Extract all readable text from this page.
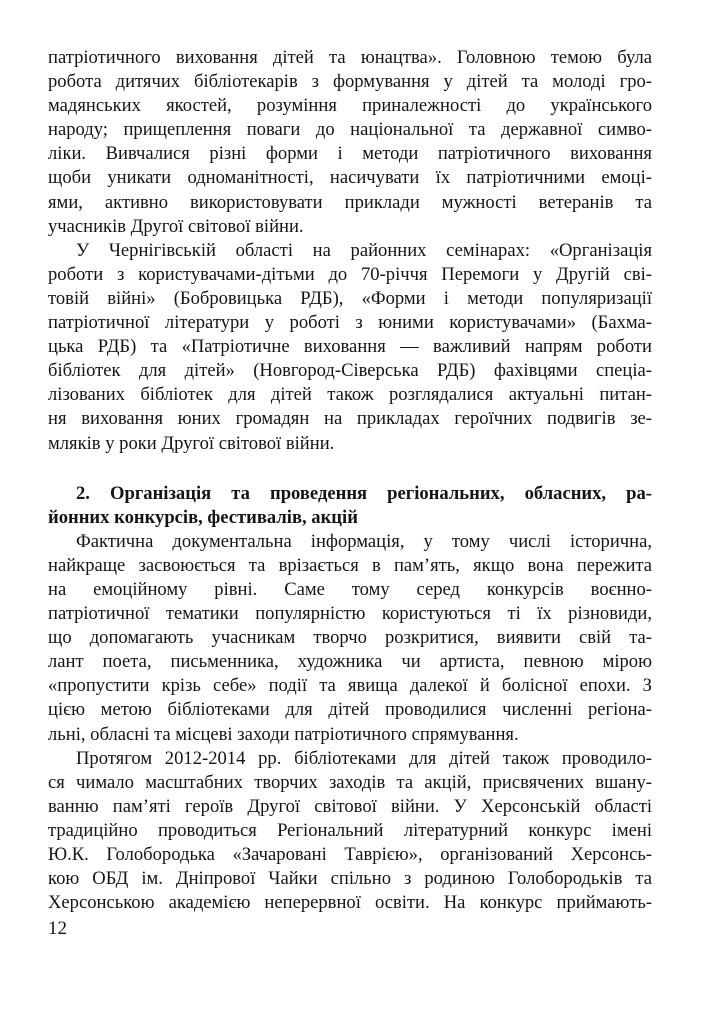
патріотичного виховання дітей та юнацтва». Головною темою була
робота дитячих бібліотекарів з формування у дітей та молоді гро-
мадянських якостей, розуміння приналежності до українського
народу; прищеплення поваги до національної та державної симво-
ліки. Вивчалися різні форми і методи патріотичного виховання
щоби уникати одноманітності, насичувати їх патріотичними емоці-
ями, активно використовувати приклади мужності ветеранів та
учасників Другої світової війни.
У Чернігівській області на районних семінарах: «Організація
роботи з користувачами-дітьми до 70-річчя Перемоги у Другій сві-
товій війні» (Бобровицька РДБ), «Форми і методи популяризації
патріотичної літератури у роботі з юними користувачами» (Бахма-
цька РДБ) та «Патріотичне виховання — важливий напрям роботи
бібліотек для дітей» (Новгород-Сіверська РДБ) фахівцями спеціа-
лізованих бібліотек для дітей також розглядалися актуальні питан-
ня виховання юних громадян на прикладах героїчних подвигів зе-
мляків у роки Другої світової війни.
2. Організація та проведення регіональних, обласних, ра-
йонних конкурсів, фестивалів, акцій
Фактична документальна інформація, у тому числі історична,
найкраще засвоюється та врізається в пам’ять, якщо вона пережита
на емоційному рівні. Саме тому серед конкурсів воєнно-
патріотичної тематики популярністю користуються ті їх різновиди,
що допомагають учасникам творчо розкритися, виявити свій та-
лант поета, письменника, художника чи артиста, певною мірою
«пропустити крізь себе» події та явища далекої й болісної епохи. З
цією метою бібліотеками для дітей проводилися численні регіона-
льні, обласні та місцеві заходи патріотичного спрямування.
Протягом 2012-2014 рр. бібліотеками для дітей також проводило-
ся чимало масштабних творчих заходів та акцій, присвячених вшану-
ванню пам’яті героїв Другої світової війни. У Херсонській області
традиційно проводиться Регіональний літературний конкурс імені
Ю.К. Голобородька «Зачаровані Таврією», організований Херсонсь-
кою ОБД ім. Дніпрової Чайки спільно з родиною Голобородьків та
Херсонською академією неперервної освіти. На конкурс приймають-
12
